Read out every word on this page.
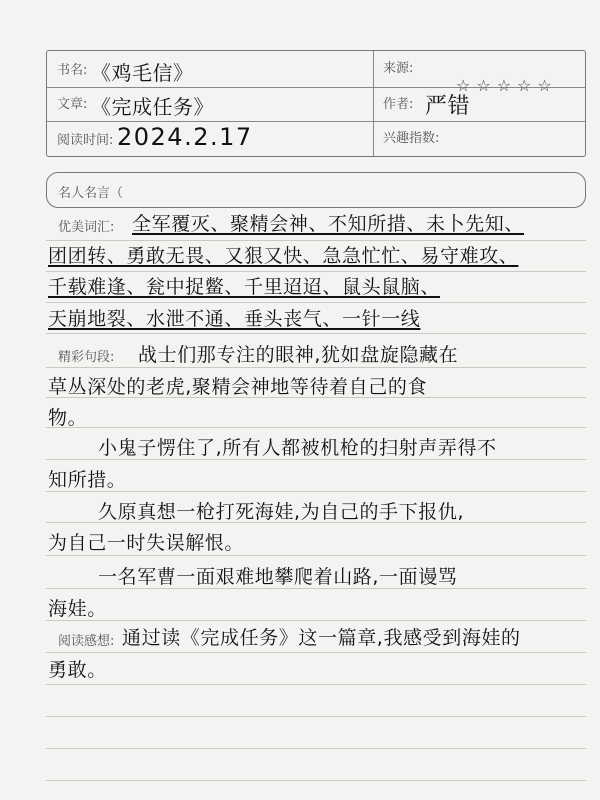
书名: 《鸡毛信》	来源:
文章: 《完成任务》	作者: 严错
阅读时间: 2024.2.17	兴趣指数:
☆☆☆☆☆
名人名言（
优美词汇: 全军覆灭、聚精会神、不知所措、未卜先知、
团团转、勇敢无畏、又狠又快、急急忙忙、易守难攻、
千载难逢、瓮中捉鳖、千里迢迢、鼠头鼠脑、
天崩地裂、水泄不通、垂头丧气、一针一线
精彩句段: 战士们那专注的眼神,犹如盘旋隐藏在
草丛深处的老虎,聚精会神地等待着自己的食
物。
小鬼子愣住了,所有人都被机枪的扫射声弄得不
知所措。
久原真想一枪打死海娃,为自己的手下报仇,
为自己一时失误解恨。
一名军曹一面艰难地攀爬着山路,一面谩骂
海娃。
阅读感想: 通过读《完成任务》这一篇章,我感受到海娃的
勇敢。
